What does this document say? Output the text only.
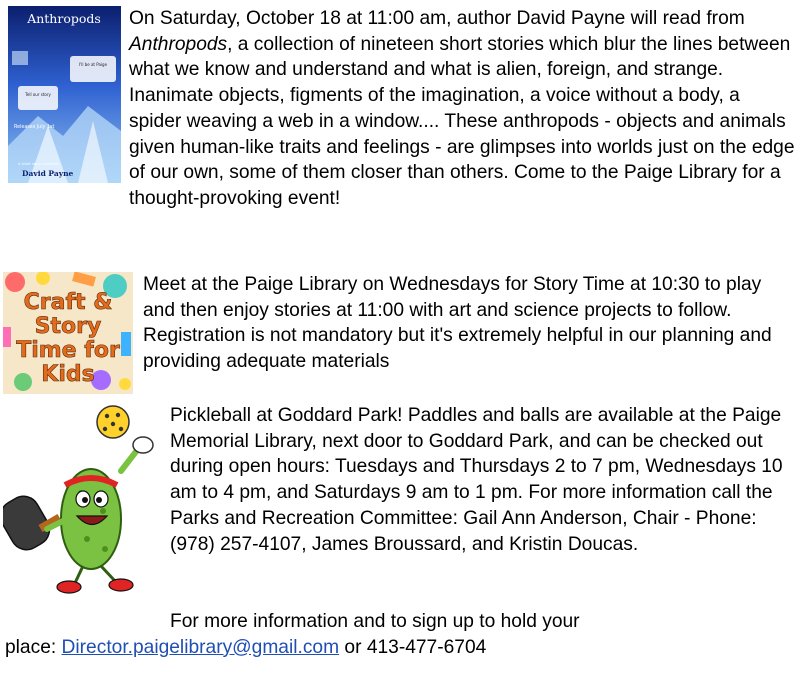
Anthropods
I'll be at Paige
Tell our story
Releases July 1st
A short story collection
David Payne
On Saturday, October 18 at 11:00 am, author David Payne will read from Anthropods, a collection of nineteen short stories which blur the lines between what we know and understand and what is alien, foreign, and strange. Inanimate objects, figments of the imagination, a voice without a body, a spider weaving a web in a window.... These anthropods - objects and animals given human-like traits and feelings - are glimpses into worlds just on the edge of our own, some of them closer than others. Come to the Paige Library for a thought-provoking event!
Craft &
Story
Time for
Kids
Meet at the Paige Library on Wednesdays for Story Time at 10:30 to play and then enjoy stories at 11:00 with art and science projects to follow. Registration is not mandatory but it's extremely helpful in our planning and providing adequate materials
Pickleball at Goddard Park! Paddles and balls are available at the Paige Memorial Library, next door to Goddard Park, and can be checked out during open hours: Tuesdays and Thursdays 2 to 7 pm, Wednesdays 10 am to 4 pm, and Saturdays 9 am to 1 pm. For more information call the Parks and Recreation Committee: Gail Ann Anderson, Chair - Phone: (978) 257-4107, James Broussard, and Kristin Doucas.
For more information and to sign up to hold your
place: Director.paigelibrary@gmail.com or 413-477-6704
